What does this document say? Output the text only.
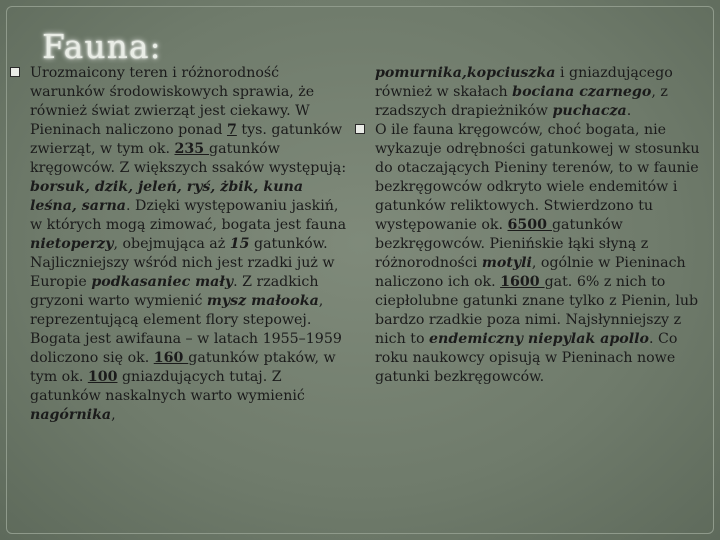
Fauna:
Urozmaicony teren i różnorodność warunków środowiskowych sprawia, że również świat zwierząt jest ciekawy. W Pieninach naliczono ponad 7 tys. gatunków zwierząt, w tym ok. 235 gatunków kręgowców. Z większych ssaków występują: borsuk, dzik, jeleń, ryś, żbik, kuna leśna, sarna. Dzięki występowaniu jaskiń, w których mogą zimować, bogata jest fauna nietoperzy, obejmująca aż 15 gatunków. Najliczniejszy wśród nich jest rzadki już w Europie podkasaniec mały. Z rzadkich gryzoni warto wymienić mysz małooka, reprezentującą element flory stepowej. Bogata jest awifauna – w latach 1955–1959 doliczono się ok. 160 gatunków ptaków, w tym ok. 100 gniazdujących tutaj. Z gatunków naskalnych warto wymienić nagórnika,
pomurnika,kopciuszka i gniazdującego również w skałach bociana czarnego, z rzadszych drapieżników puchacza.
O ile fauna kręgowców, choć bogata, nie wykazuje odrębności gatunkowej w stosunku do otaczających Pieniny terenów, to w faunie bezkręgowców odkryto wiele endemitów i gatunków reliktowych. Stwierdzono tu występowanie ok. 6500 gatunków bezkręgowców. Pienińskie łąki słyną z różnorodności motyli, ogólnie w Pieninach naliczono ich ok. 1600 gat. 6% z nich to ciepłolubne gatunki znane tylko z Pienin, lub bardzo rzadkie poza nimi. Najsłynniejszy z nich to endemiczny niepylak apollo. Co roku naukowcy opisują w Pieninach nowe gatunki bezkręgowców.
